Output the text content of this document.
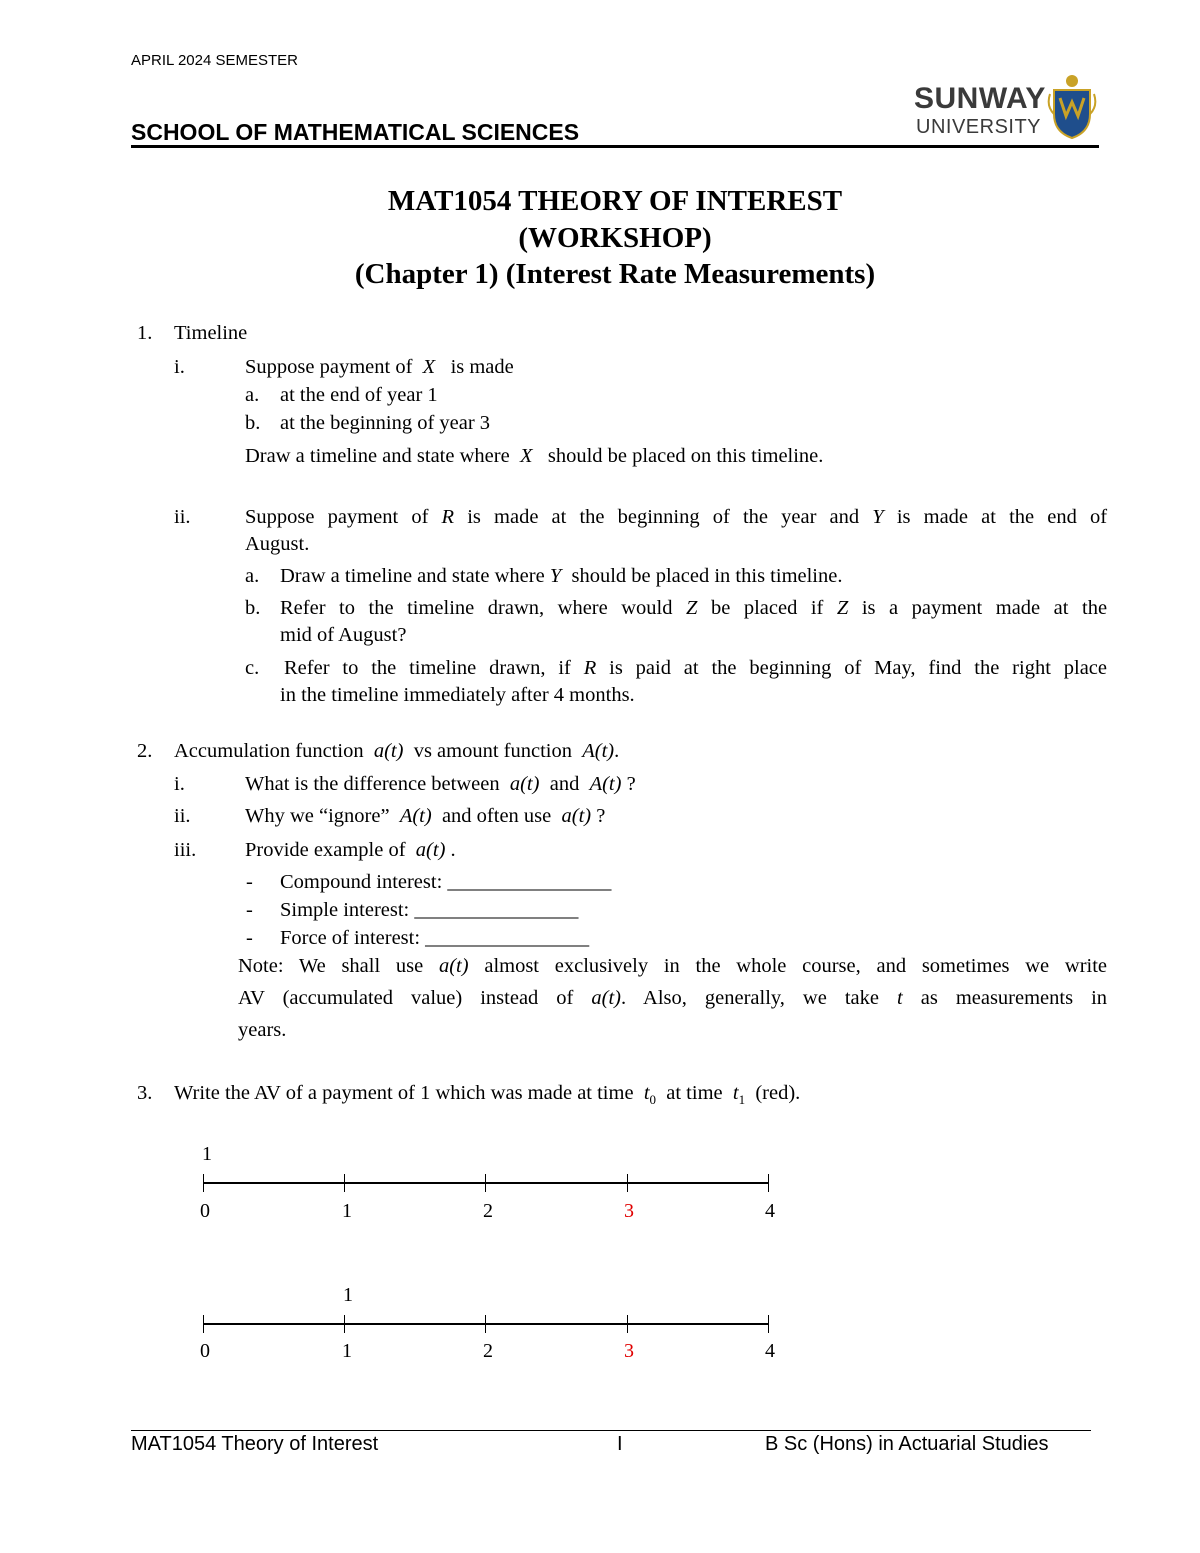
APRIL 2024 SEMESTER
SCHOOL OF MATHEMATICAL SCIENCES
SUNWAY
UNIVERSITY
MAT1054 THEORY OF INTEREST
(WORKSHOP)
(Chapter 1) (Interest Rate Measurements)
1. Timeline
i.	Suppose payment of X is made
a. at the end of year 1
b. at the beginning of year 3
Draw a timeline and state where X should be placed on this timeline.
ii.	Suppose payment of R is made at the beginning of the year and Y is made at the end of
August.
a. Draw a timeline and state where Y should be placed in this timeline.
b. Refer to the timeline drawn, where would Z be placed if Z is a payment made at the
mid of August?
c. Refer to the timeline drawn, if R is paid at the beginning of May, find the right place
in the timeline immediately after 4 months.
2. Accumulation function a(t) vs amount function A(t).
i.	What is the difference between a(t) and A(t) ?
ii.	Why we “ignore” A(t) and often use a(t) ?
iii. Provide example of a(t) .
- Compound interest: ________________
- Simple interest: ________________
- Force of interest: ________________
Note: We shall use a(t) almost exclusively in the whole course, and sometimes we write
AV (accumulated value) instead of a(t). Also, generally, we take t as measurements in
years.
3. Write the AV of a payment of 1 which was made at time $t_0$ at time $t_1$ (red).
1
0	1	2	3	4
1
0	1	2	3	4
MAT1054 Theory of Interest	I	B Sc (Hons) in Actuarial Studies
